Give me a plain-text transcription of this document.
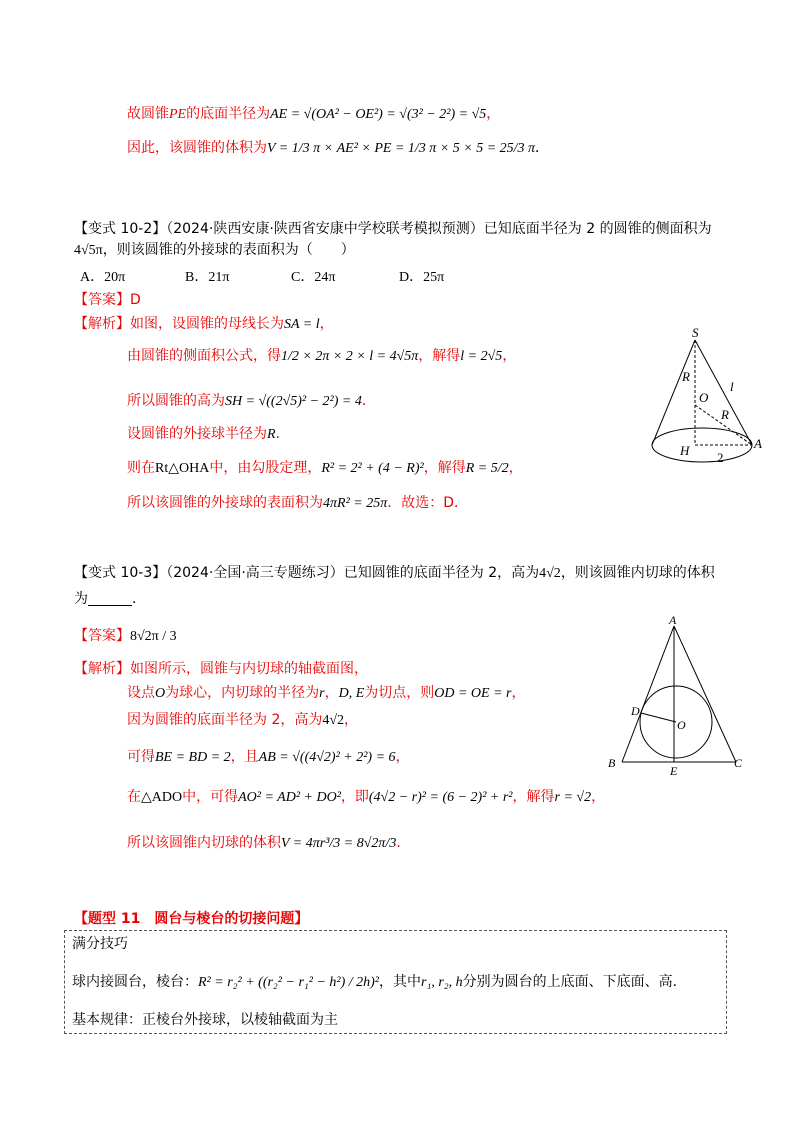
故圆锥PE的底面半径为AE = √(OA² − OE²) = √(3² − 2²) = √5，
因此，该圆锥的体积为V = 1/3 π × AE² × PE = 1/3 π × 5 × 5 = 25/3 π．
【变式 10-2】（2024·陕西安康·陕西省安康中学校联考模拟预测）已知底面半径为 2 的圆锥的侧面积为
4√5π，则该圆锥的外接球的表面积为（　　）
A．20π	B．21π	C．24π	D．25π
【答案】D
【解析】如图，设圆锥的母线长为SA = l，
由圆锥的侧面积公式，得1/2 × 2π × 2 × l = 4√5π，解得l = 2√5，
所以圆锥的高为SH = √((2√5)² − 2²) = 4．
设圆锥的外接球半径为R．
则在Rt△OHA中，由勾股定理，R² = 2² + (4 − R)²，解得R = 5/2，
所以该圆锥的外接球的表面积为4πR² = 25π．故选：D．
S
R
O
l
R
H	A
2
【变式 10-3】（2024·全国·高三专题练习）已知圆锥的底面半径为 2，高为4√2，则该圆锥内切球的体积
为	．
【答案】8√2π / 3
【解析】如图所示，圆锥与内切球的轴截面图，
设点O为球心，内切球的半径为r，D, E为切点，则OD = OE = r，
因为圆锥的底面半径为 2，高为4√2，
可得BE = BD = 2，且AB = √((4√2)² + 2²) = 6，
在△ADO中，可得AO² = AD² + DO²，即(4√2 − r)² = (6 − 2)² + r²，解得r = √2，
所以该圆锥内切球的体积V = 4πr³/3 = 8√2π/3．
A
D
O
B
E
C
【题型 11　圆台与棱台的切接问题】
满分技巧
球内接圆台，棱台：R² = r₂² + ((r₂² − r₁² − h²) / 2h)²，其中r₁, r₂, h分别为圆台的上底面、下底面、高．
基本规律：正棱台外接球，以棱轴截面为主
